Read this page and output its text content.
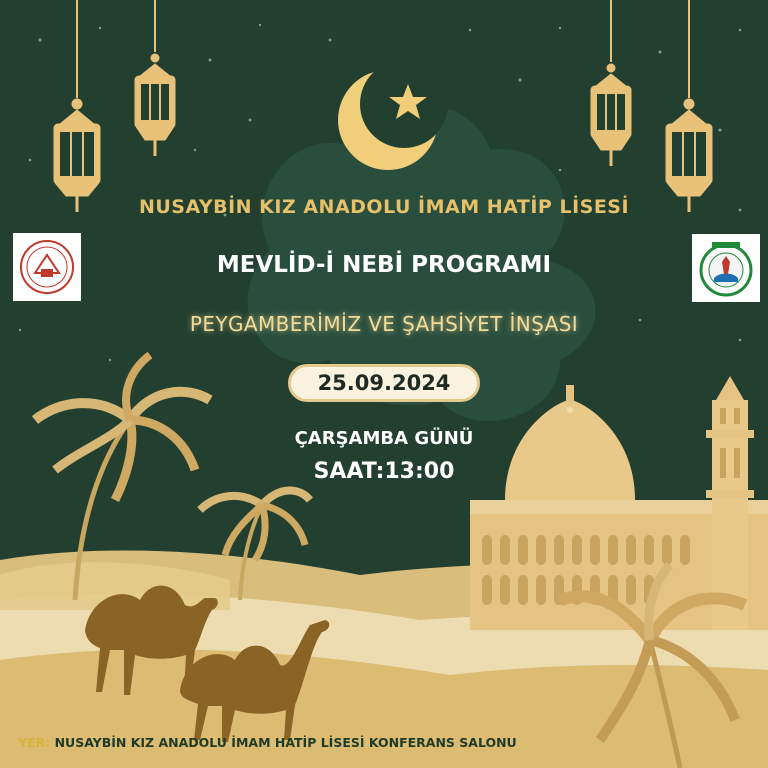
NUSAYBİN KIZ ANADOLU İMAM HATİP LİSESİ

MEVLİD-İ NEBİ PROGRAMI

PEYGAMBERİMİZ VE ŞAHSİYET İNŞASI

25.09.2024

ÇARŞAMBA GÜNÜ

SAAT:13:00

YER: NUSAYBİN KIZ ANADOLU İMAM HATİP LİSESİ KONFERANS SALONU
